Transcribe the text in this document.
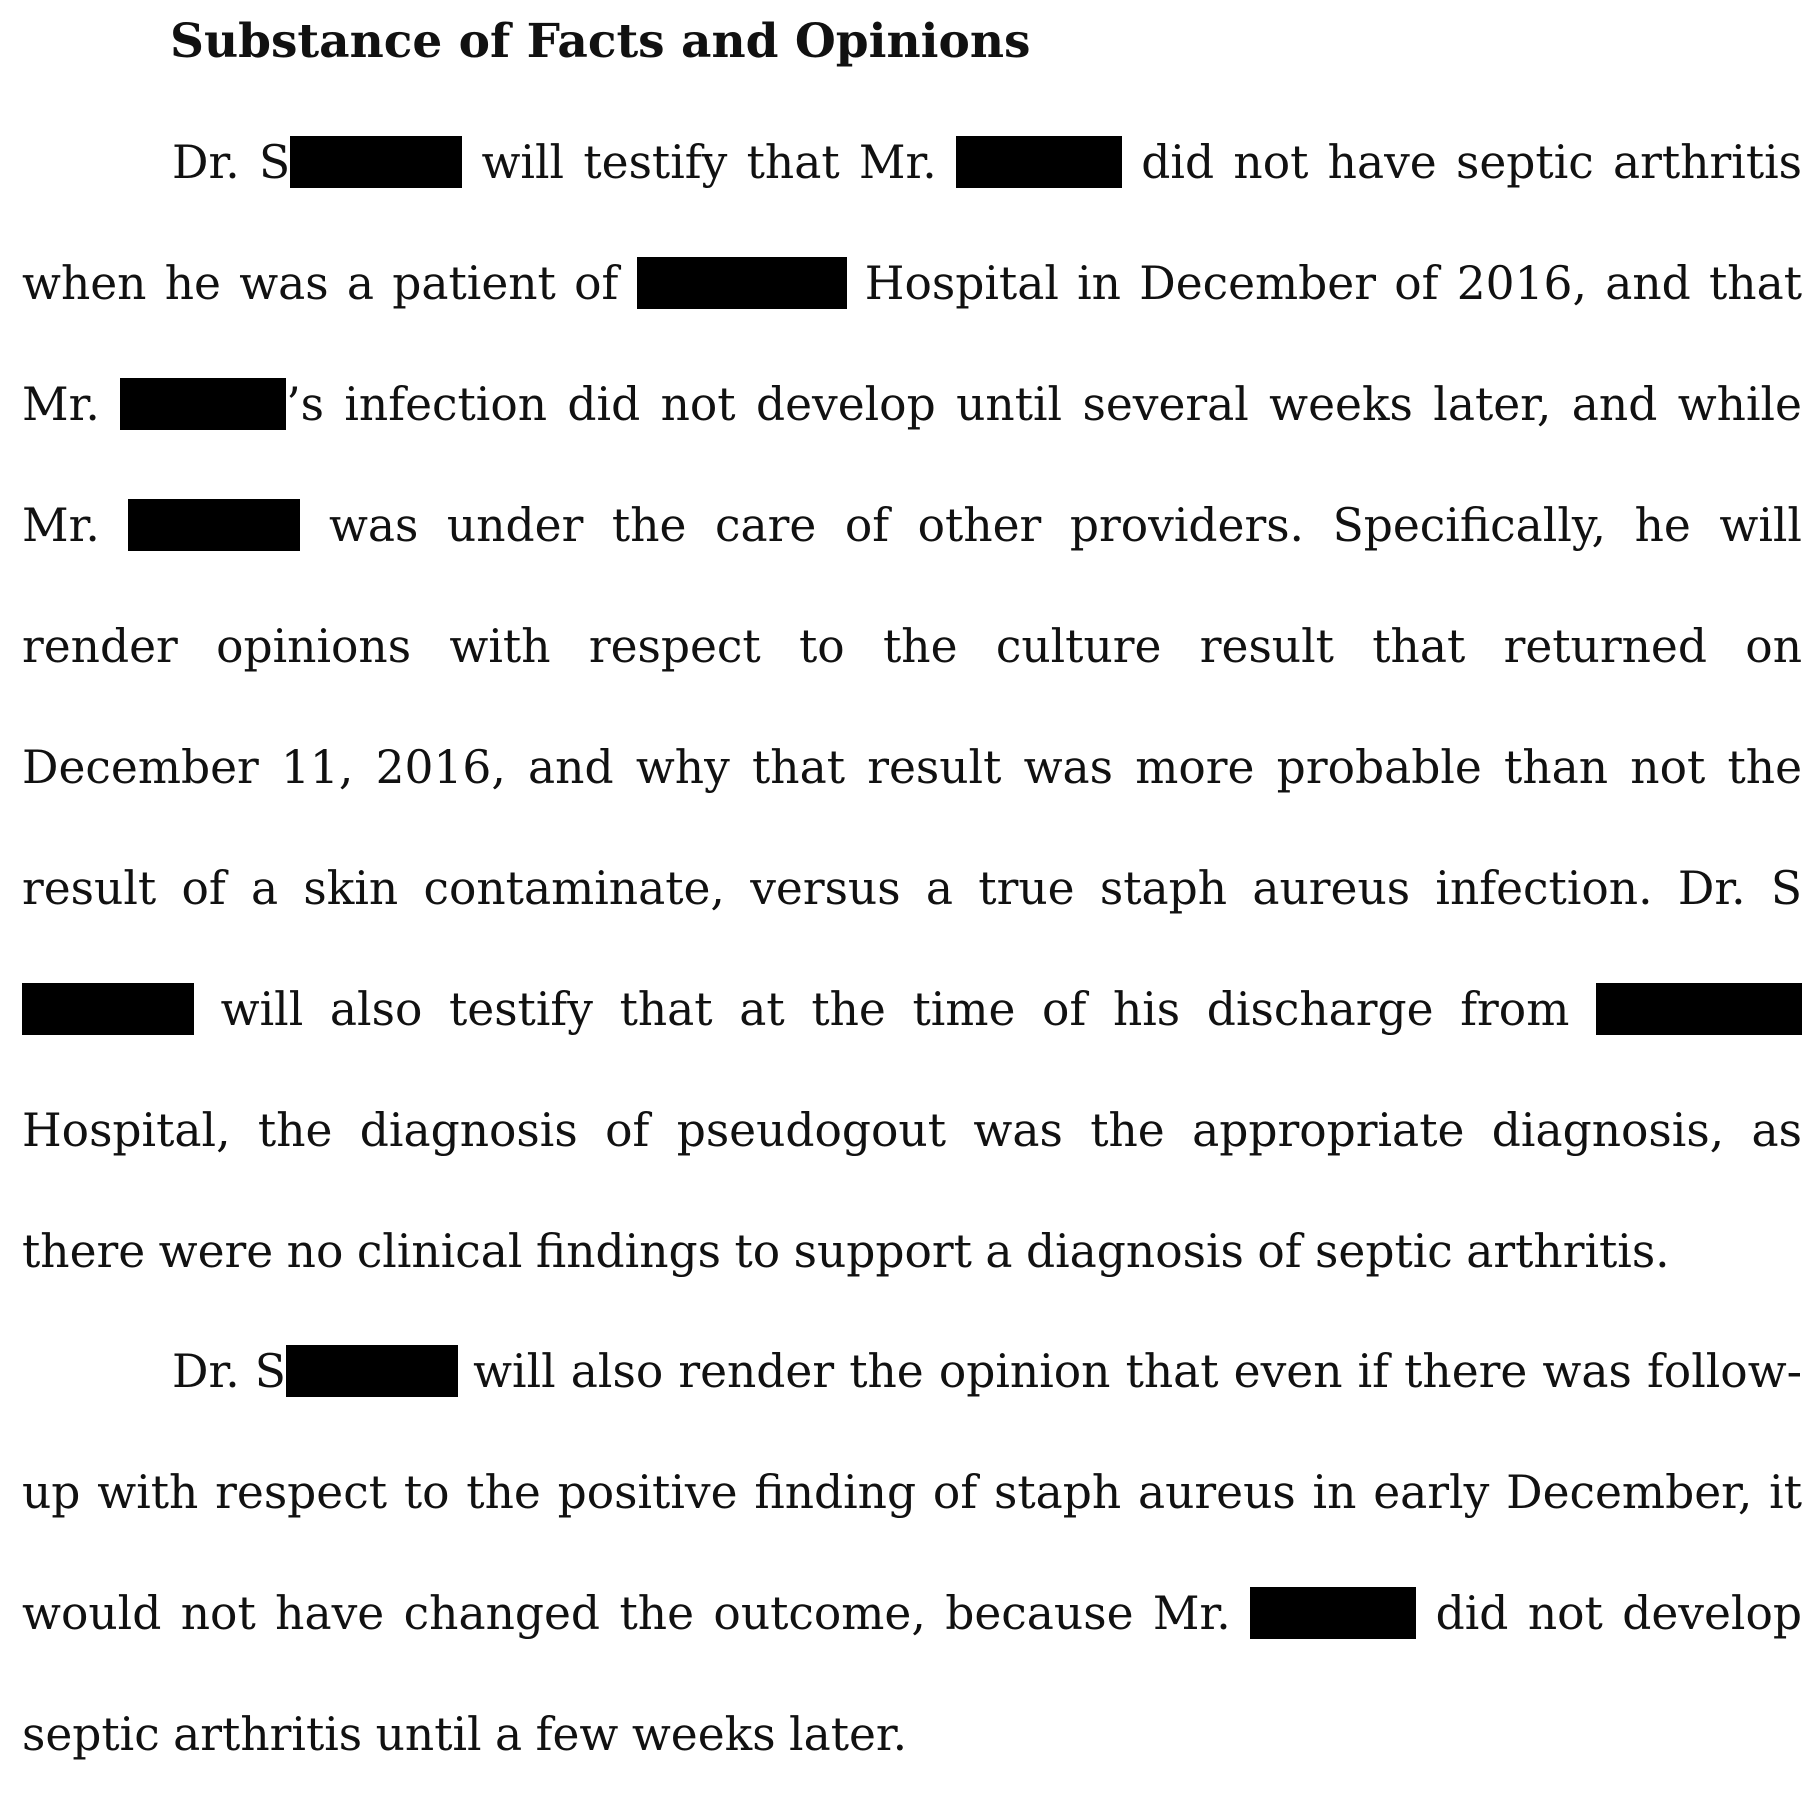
Substance of Facts and Opinions

Dr. S	will testify that Mr.	did not have septic arthritis when he was a patient of	Hospital in December of 2016, and that Mr.	’s infection did not develop until several weeks later, and while Mr.	was under the care of other providers. Specifically, he will render opinions with respect to the culture result that returned on December 11, 2016, and why that result was more probable than not the result of a skin contaminate, versus a true staph aureus infection. Dr. S will also testify that at the time of his discharge from  Hospital, the diagnosis of pseudogout was the appropriate diagnosis, as there were no clinical findings to support a diagnosis of septic arthritis.

Dr. S	will also render the opinion that even if there was follow-up with respect to the positive finding of staph aureus in early December, it would not have changed the outcome, because Mr.	did not develop septic arthritis until a few weeks later.
